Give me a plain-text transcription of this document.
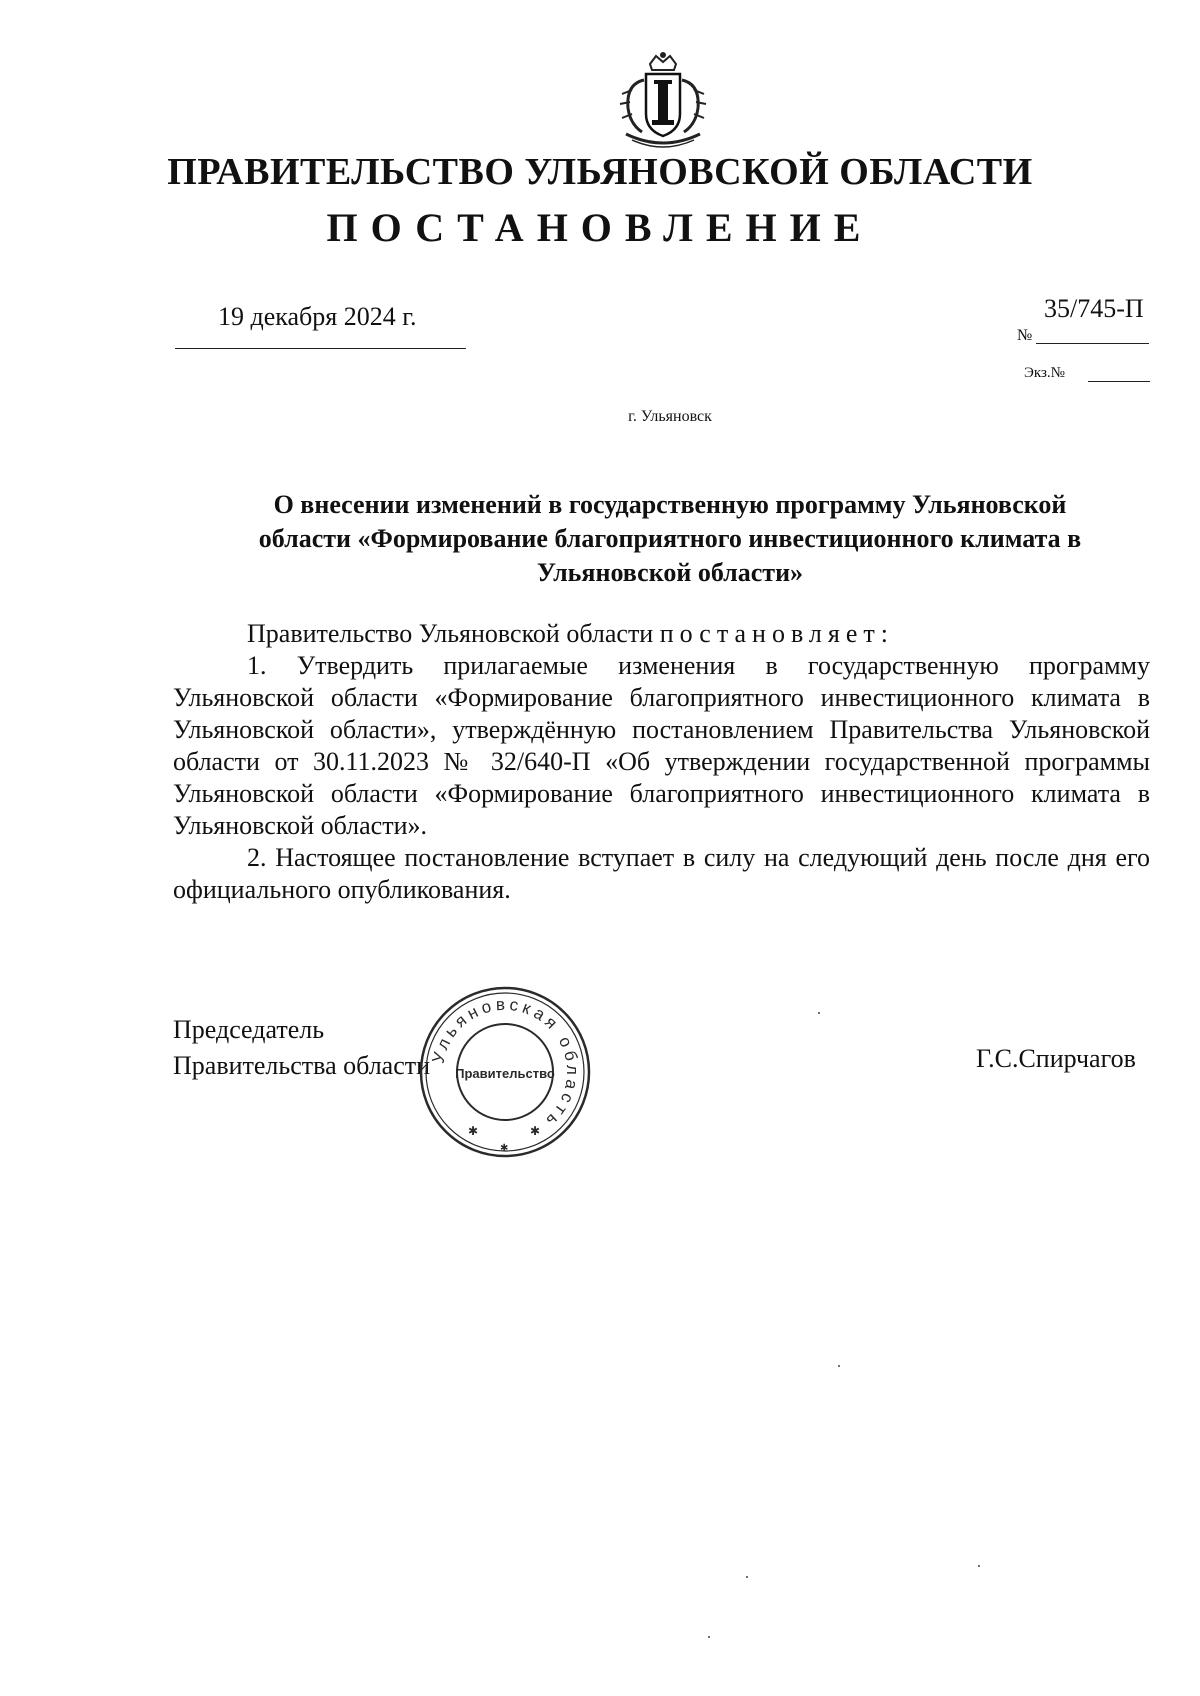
ПРАВИТЕЛЬСТВО УЛЬЯНОВСКОЙ ОБЛАСТИ
ПОСТАНОВЛЕНИЕ
19 декабря 2024 г.
№
35/745-П
Экз.№
г. Ульяновск
О внесении изменений в государственную программу Ульяновской области «Формирование благоприятного инвестиционного климата в Ульяновской области»

Правительство Ульяновской области постановляет:

1. Утвердить прилагаемые изменения в государственную программу Ульяновской области «Формирование благоприятного инвестиционного климата в Ульяновской области», утверждённую постановлением Правительства Ульяновской области от 30.11.2023 № 32/640-П «Об утверждении государственной программы Ульяновской области «Формирование благоприятного инвестиционного климата в Ульяновской области».

2. Настоящее постановление вступает в силу на следующий день после дня его официального опубликования.

Председатель
Правительства области
Ульяновская область
Правительство
✱	✱
✱
Г.С.Спирчагов
